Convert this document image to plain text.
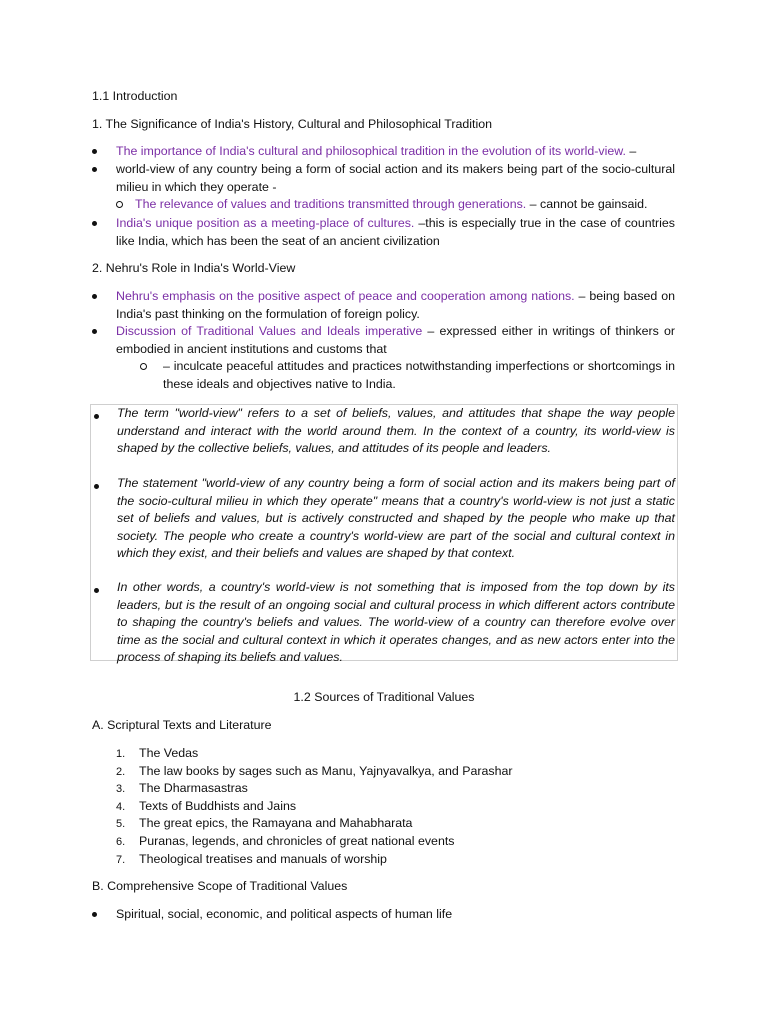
1.1 Introduction
1. The Significance of India's History, Cultural and Philosophical Tradition
The importance of India's cultural and philosophical tradition in the evolution of its world-view. –
world-view of any country being a form of social action and its makers being part of the socio-cultural milieu in which they operate -
The relevance of values and traditions transmitted through generations. – cannot be gainsaid.
India's unique position as a meeting-place of cultures. –this is especially true in the case of countries like India, which has been the seat of an ancient civilization
2. Nehru's Role in India's World-View
Nehru's emphasis on the positive aspect of peace and cooperation among nations. – being based on India's past thinking on the formulation of foreign policy.
Discussion of Traditional Values and Ideals imperative – expressed either in writings of thinkers or embodied in ancient institutions and customs that
– inculcate peaceful attitudes and practices notwithstanding imperfections or shortcomings in these ideals and objectives native to India.
The term "world-view" refers to a set of beliefs, values, and attitudes that shape the way people understand and interact with the world around them. In the context of a country, its world-view is shaped by the collective beliefs, values, and attitudes of its people and leaders.
The statement "world-view of any country being a form of social action and its makers being part of the socio-cultural milieu in which they operate" means that a country's world-view is not just a static set of beliefs and values, but is actively constructed and shaped by the people who make up that society. The people who create a country's world-view are part of the social and cultural context in which they exist, and their beliefs and values are shaped by that context.
In other words, a country's world-view is not something that is imposed from the top down by its leaders, but is the result of an ongoing social and cultural process in which different actors contribute to shaping the country's beliefs and values. The world-view of a country can therefore evolve over time as the social and cultural context in which it operates changes, and as new actors enter into the process of shaping its beliefs and values.
1.2 Sources of Traditional Values
A. Scriptural Texts and Literature
1.	The Vedas
2.	The law books by sages such as Manu, Yajnyavalkya, and Parashar
3.	The Dharmasastras
4.	Texts of Buddhists and Jains
5.	The great epics, the Ramayana and Mahabharata
6.	Puranas, legends, and chronicles of great national events
7.	Theological treatises and manuals of worship
B. Comprehensive Scope of Traditional Values
Spiritual, social, economic, and political aspects of human life
